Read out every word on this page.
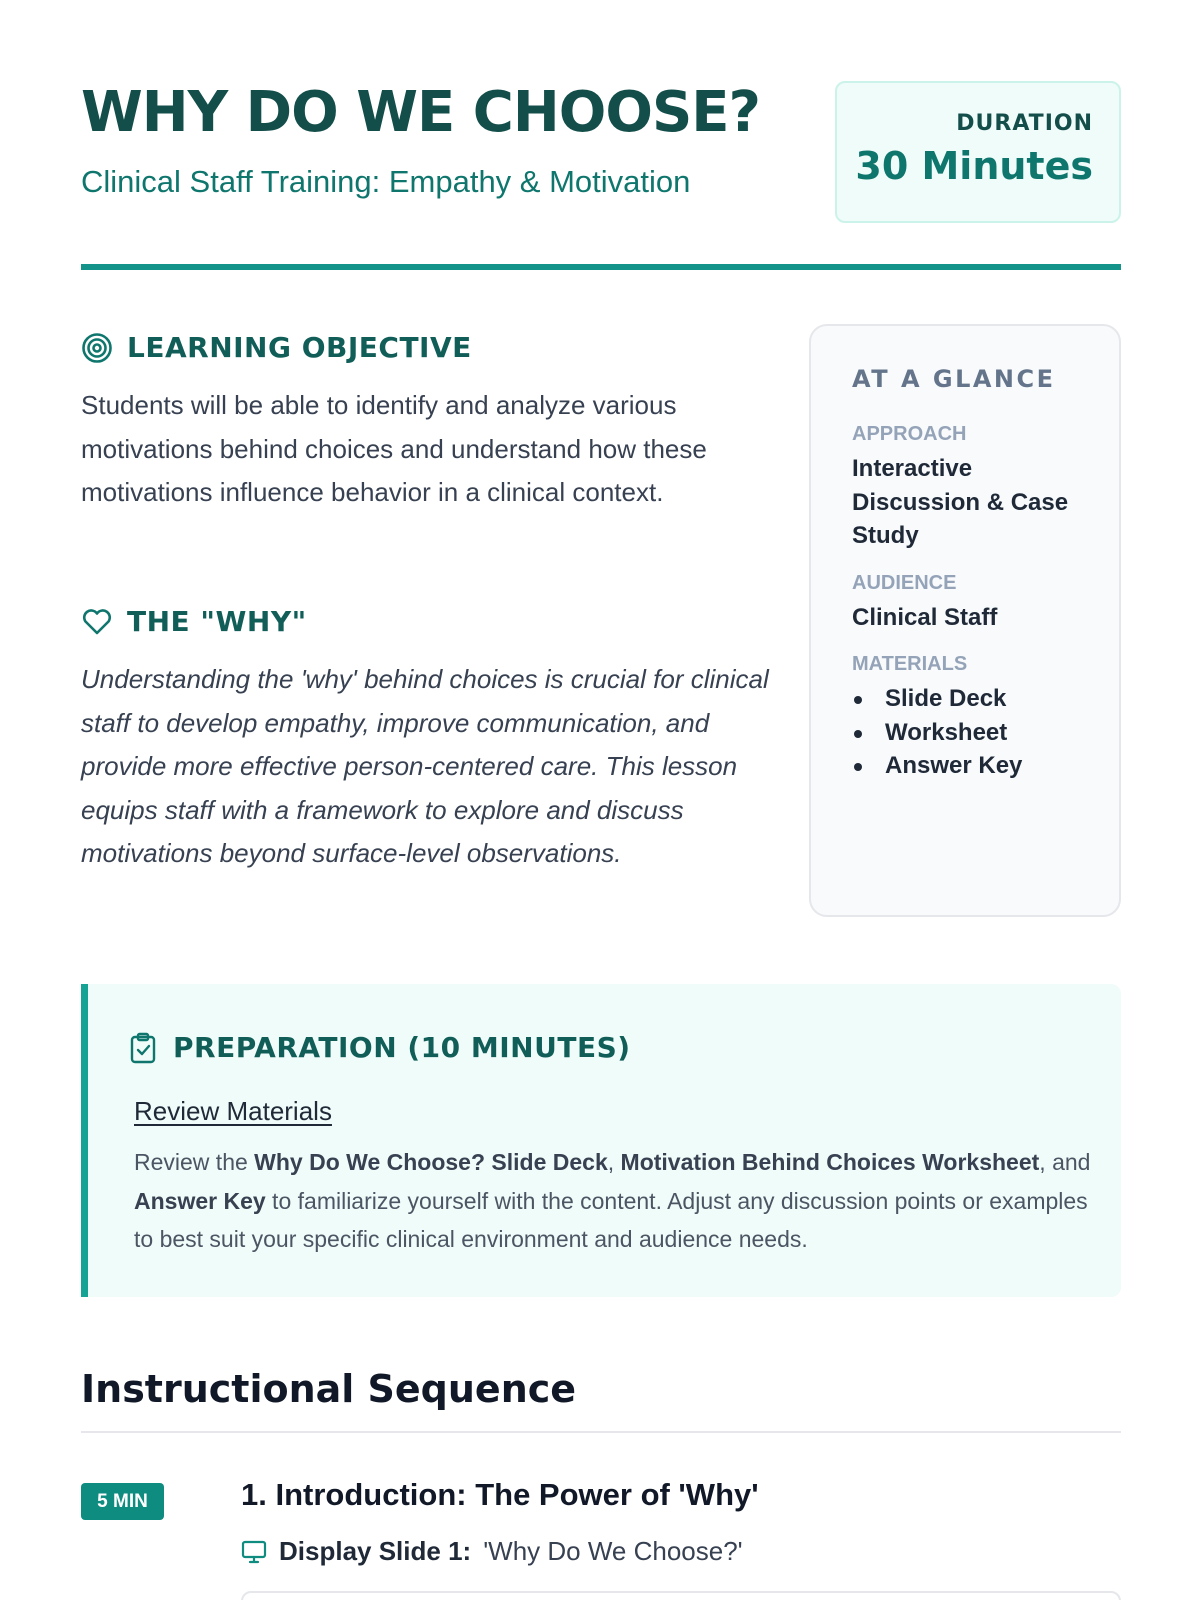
WHY DO WE CHOOSE?
Clinical Staff Training: Empathy & Motivation
DURATION
30 Minutes
LEARNING OBJECTIVE
Students will be able to identify and analyze various motivations behind choices and understand how these motivations influence behavior in a clinical context.
THE "WHY"
Understanding the 'why' behind choices is crucial for clinical staff to develop empathy, improve communication, and provide more effective person-centered care. This lesson equips staff with a framework to explore and discuss motivations beyond surface-level observations.
AT A GLANCE
APPROACH
Interactive Discussion & Case Study
AUDIENCE
Clinical Staff
MATERIALS
Slide Deck
Worksheet
Answer Key
PREPARATION (10 MINUTES)
Review Materials
Review the Why Do We Choose? Slide Deck, Motivation Behind Choices Worksheet, and Answer Key to familiarize yourself with the content. Adjust any discussion points or examples to best suit your specific clinical environment and audience needs.
Instructional Sequence
5 MIN	1. Introduction: The Power of 'Why'
Display Slide 1: 'Why Do We Choose?'
